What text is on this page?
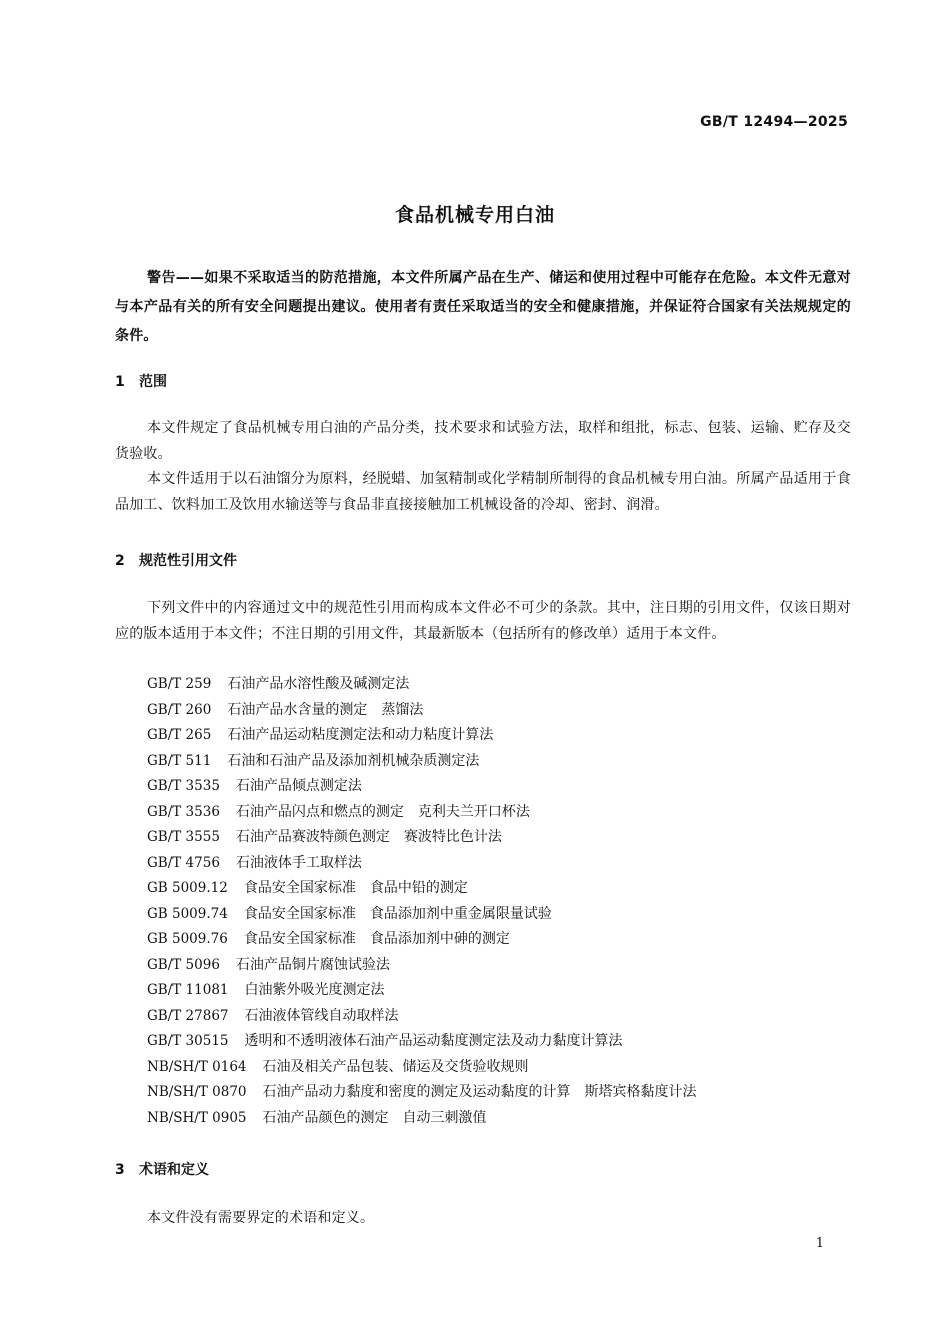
GB/T 12494—2025
食品机械专用白油

警告——如果不采取适当的防范措施，本文件所属产品在生产、储运和使用过程中可能存在危险。本文件无意对与本产品有关的所有安全问题提出建议。使用者有责任采取适当的安全和健康措施，并保证符合国家有关法规规定的条件。

1 范围

本文件规定了食品机械专用白油的产品分类，技术要求和试验方法，取样和组批，标志、包装、运输、贮存及交货验收。

本文件适用于以石油馏分为原料，经脱蜡、加氢精制或化学精制所制得的食品机械专用白油。所属产品适用于食品加工、饮料加工及饮用水输送等与食品非直接接触加工机械设备的冷却、密封、润滑。

2 规范性引用文件

下列文件中的内容通过文中的规范性引用而构成本文件必不可少的条款。其中，注日期的引用文件，仅该日期对应的版本适用于本文件；不注日期的引用文件，其最新版本（包括所有的修改单）适用于本文件。

GB/T 259 石油产品水溶性酸及碱测定法
GB/T 260 石油产品水含量的测定　蒸馏法
GB/T 265 石油产品运动粘度测定法和动力粘度计算法
GB/T 511 石油和石油产品及添加剂机械杂质测定法
GB/T 3535 石油产品倾点测定法
GB/T 3536 石油产品闪点和燃点的测定　克利夫兰开口杯法
GB/T 3555 石油产品赛波特颜色测定　赛波特比色计法
GB/T 4756 石油液体手工取样法
GB 5009.12 食品安全国家标准　食品中铅的测定
GB 5009.74 食品安全国家标准　食品添加剂中重金属限量试验
GB 5009.76 食品安全国家标准　食品添加剂中砷的测定
GB/T 5096 石油产品铜片腐蚀试验法
GB/T 11081 白油紫外吸光度测定法
GB/T 27867 石油液体管线自动取样法
GB/T 30515 透明和不透明液体石油产品运动黏度测定法及动力黏度计算法
NB/SH/T 0164 石油及相关产品包装、储运及交货验收规则
NB/SH/T 0870 石油产品动力黏度和密度的测定及运动黏度的计算　斯塔宾格黏度计法
NB/SH/T 0905 石油产品颜色的测定　自动三刺激值
3 术语和定义

本文件没有需要界定的术语和定义。

1
